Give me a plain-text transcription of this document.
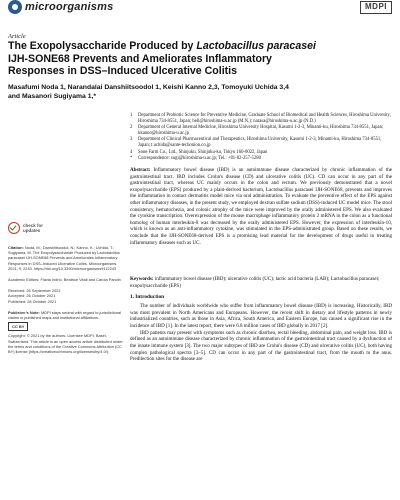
microorganisms	MDPI
Article
The Exopolysaccharide Produced by Lactobacillus paracasei
IJH-SONE68 Prevents and Ameliorates Inflammatory
Responses in DSS–Induced Ulcerative Colitis
Masafumi Noda 1, Narandalai Danshiitsoodol 1, Keishi Kanno 2,3, Tomoyuki Uchida 3,4
and Masanori Sugiyama 1,*
check for updates
Citation: Noda, M.; Danshiitsoodol, N.; Kanno, K.; Uchida, T.; Sugiyama, M. The Exopolysaccharide Produced by Lactobacillus paracasei IJH-SONE68 Prevents and Ameliorates Inflammatory Responses in DSS–Induced Ulcerative Colitis. Microorganisms 2021, 9, 2243. https://doi.org/10.3390/microorganisms9112243
Academic Editors: Flavia Indrio, Beatrice Vitali and Carola Parolin
Received: 26 September 2021
Accepted: 26 October 2021
Published: 28 October 2021
Publisher's Note: MDPI stays neutral with regard to jurisdictional claims in published maps and institutional affiliations.
CC BY
Copyright: © 2021 by the authors. Licensee MDPI, Basel, Switzerland. This article is an open access article distributed under the terms and conditions of the Creative Commons Attribution (CC BY) license (https://creativecommons.org/licenses/by/4.0/).
1	Department of Probiotic Science for Preventive Medicine, Graduate School of Biomedical and Health Sciences, Hiroshima University, Hiroshima 734-8551, Japan; bell@hiroshima-u.ac.jp (M.N.); narasa@hiroshima-u.ac.jp (N.D.)
2	Department of General Internal Medicine, Hiroshima University Hospital, Kasumi 1-2-3, Minami-ku, Hiroshima 734-8551, Japan; kkanno@hiroshima-u.ac.jp
3	Department of Clinical Pharmaceutical and Therapeutics, Hiroshima University, Kasumi 1-2-3, Minami-ku, Hiroshima 734-8551, Japan; t.uchida@sante-techonion.co.jp
4	Sone Farm Co., Ltd., Shinjuku, Shinjuku-ku, Tokyo 160-0022, Japan
*	Correspondence: sugi@hiroshima-u.ac.jp; Tel.: +81-82-257-5280
Abstract: Inflammatory bowel disease (IBD) is an autoimmune disease characterized by chronic inflammation of the gastrointestinal tract. IBD includes Crohn's disease (CD) and ulcerative colitis (UC). CD can occur in any part of the gastrointestinal tract, whereas UC mainly occurs in the colon and rectum. We previously demonstrated that a novel exopolysaccharide (EPS) produced by a plant-derived bacterium, Lactobacillus paracasei IJH-SONE68, prevents and improves the inflammation in contact dermatitis model mice via oral administration. To evaluate the preventive effect of the EPS against other inflammatory diseases, in the present study, we employed dextran sulfate sodium (DSS)-induced UC model mice. The stool consistency, hematochezia, and colonic atrophy of the mice were improved by the orally administered EPS. We also evaluated the cytokine transcription. Overexpression of the mouse macrophage inflammatory protein 2 mRNA in the colon as a functional homolog of human interleukin-8 was decreased by the orally administered EPS. However, the expression of interleukin-10, which is known as an anti-inflammatory cytokine, was stimulated in the EPS-administrated group. Based on these results, we conclude that the IJH-SONE68-derived EPS is a promising lead material for the development of drugs useful in treating inflammatory diseases such as UC.
Keywords: inflammatory bowel disease (IBD); ulcerative colitis (UC); lactic acid bacteria (LAB); Lactobacillus paracasei; exopolysaccharide (EPS)
1. Introduction

The number of individuals worldwide who suffer from inflammatory bowel disease (IBD) is increasing. Historically, IBD was most prevalent in North Americans and Europeans. However, the recent shift in dietary and lifestyle patterns in newly industrialized countries, such as those in Asia, Africa, South America, and Eastern Europe, has caused a significant rise in the incidence of IBD [1]. In the latest report, there were 6.8 million cases of IBD globally in 2017 [2].

IBD patients may present with symptoms such as chronic diarrhea, rectal bleeding, abdominal pain, and weight loss. IBD is defined as an autoimmune disease characterized by chronic inflammation of the gastrointestinal tract caused by a dysfunction of the innate immune system [3]. The two major subtypes of IBD are Crohn's disease (CD) and ulcerative colitis (UC), both having complex pathological spectra [3–5]. CD can occur in any part of the gastrointestinal tract, from the mouth to the anus. Predilection sites for the disease are
